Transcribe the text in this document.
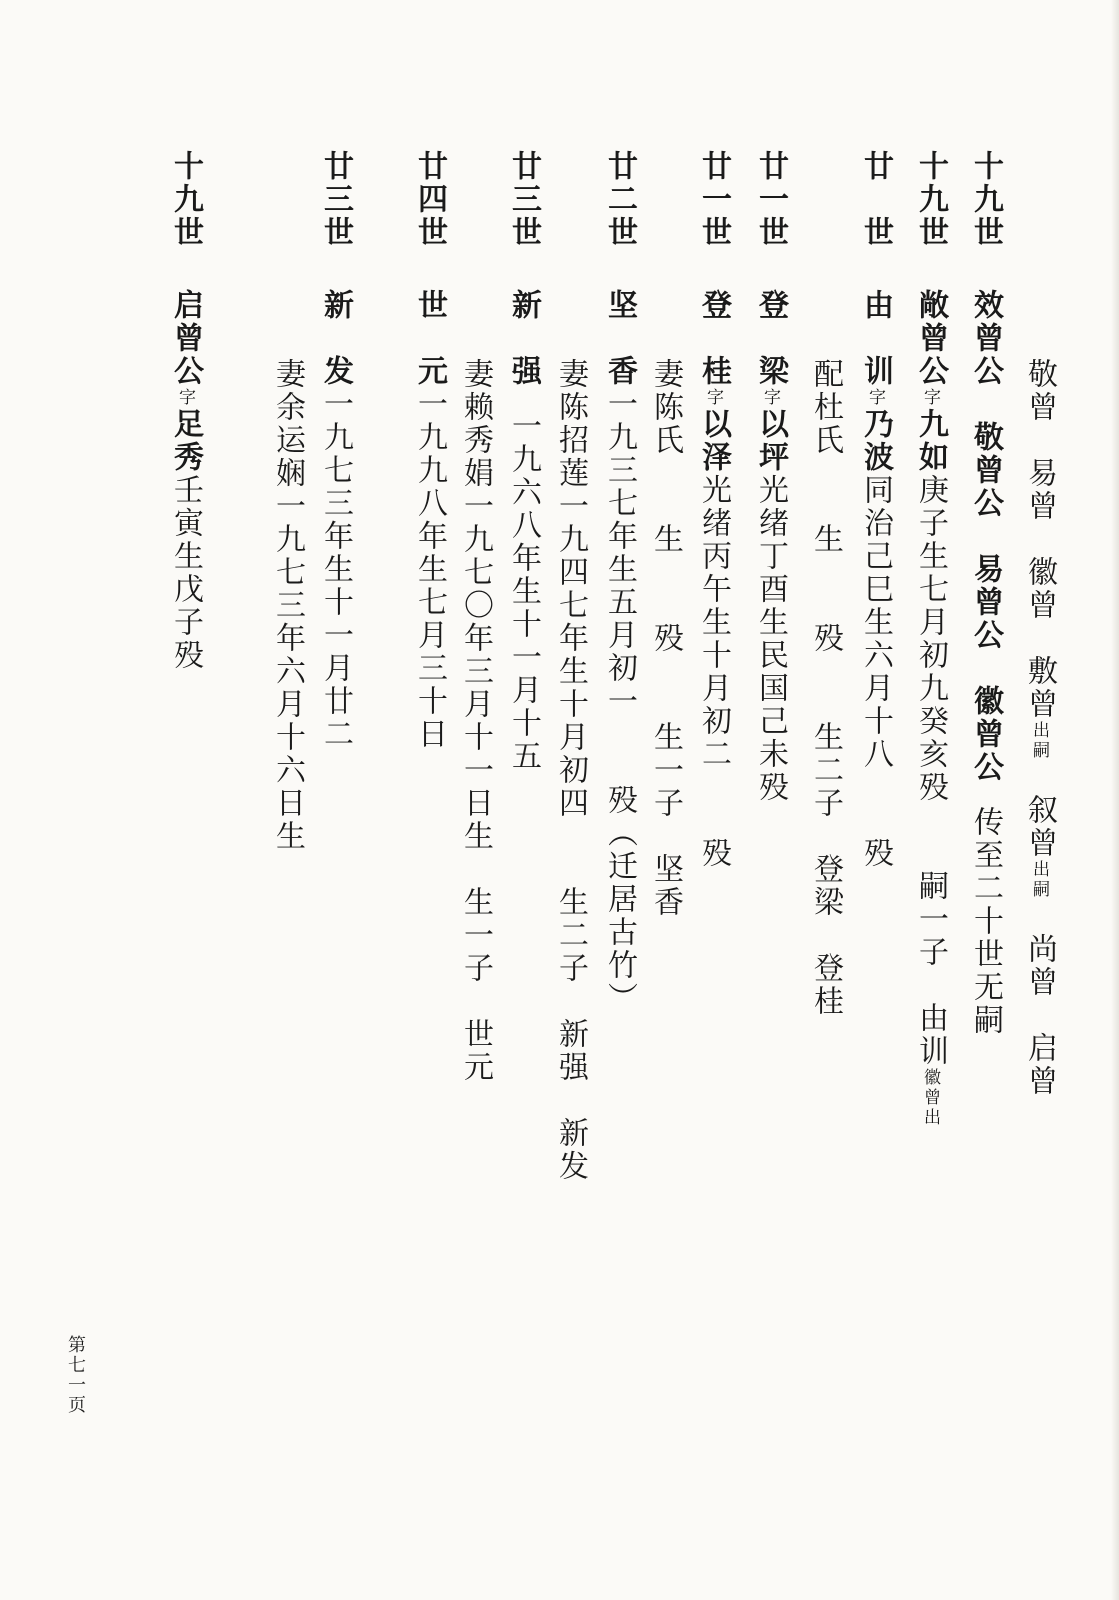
敬曾　易曾　徽曾　敷曾出嗣　叙曾出嗣　尚曾　启曾
十九世效曾公　敬曾公　易曾公　徽曾公传至二十世无嗣
十九世敞曾公字九如庚子生七月初九癸亥殁　　嗣一子　由训徽曾出
廿　世由　训字乃波同治己巳生六月十八　　殁
配杜氏　　生　　殁　　生二子　登梁　登桂
廿一世登　梁字以坪光绪丁酉生民国己未殁
廿一世登　桂字以泽光绪丙午生十月初二　　殁
妻陈氏　　生　　殁　　生一子　坚香
廿二世坚　香一九三七年生五月初一　　殁（迁居古竹）
妻陈招莲一九四七年生十月初四　　生二子　新强　新发
廿三世新　强一九六八年生十一月十五
妻赖秀娟一九七〇年三月十一日生　生一子　世元
廿四世世　元一九九八年生七月三十日
廿三世新　发一九七三年生十一月廿二
妻余运娴一九七三年六月十六日生
十九世启曾公字足秀壬寅生戊子殁
第七一页
